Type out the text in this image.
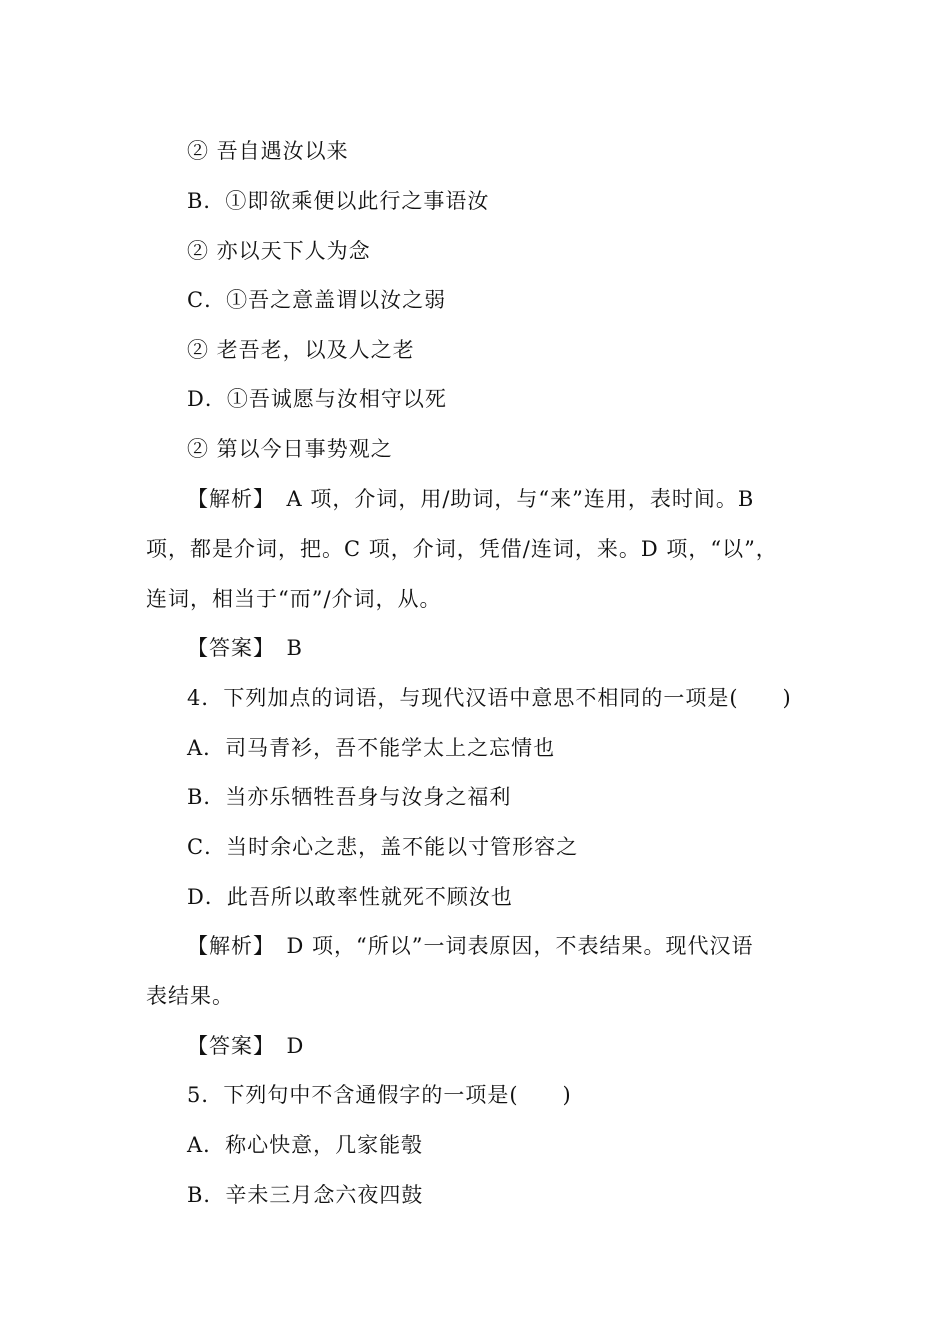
② 吾自遇汝以来
B．①即欲乘便以此行之事语汝
② 亦以天下人为念
C．①吾之意盖谓以汝之弱
② 老吾老，以及人之老
D．①吾诚愿与汝相守以死
② 第以今日事势观之
【解析】　A 项，介词，用/助词，与“来”连用，表时间。B
项，都是介词，把。C 项，介词，凭借/连词，来。D 项，“以”，
连词，相当于“而”/介词，从。
【答案】　B
4．下列加点的词语，与现代汉语中意思不相同的一项是(　　)
A．司马青衫，吾不能学太上之忘情也
B．当亦乐牺牲吾身与汝身之福利
C．当时余心之悲，盖不能以寸管形容之
D．此吾所以敢率性就死不顾汝也
【解析】　D 项，“所以”一词表原因，不表结果。现代汉语
表结果。
【答案】　D
5．下列句中不含通假字的一项是(　　)
A．称心快意，几家能彀
B．辛未三月念六夜四鼓
